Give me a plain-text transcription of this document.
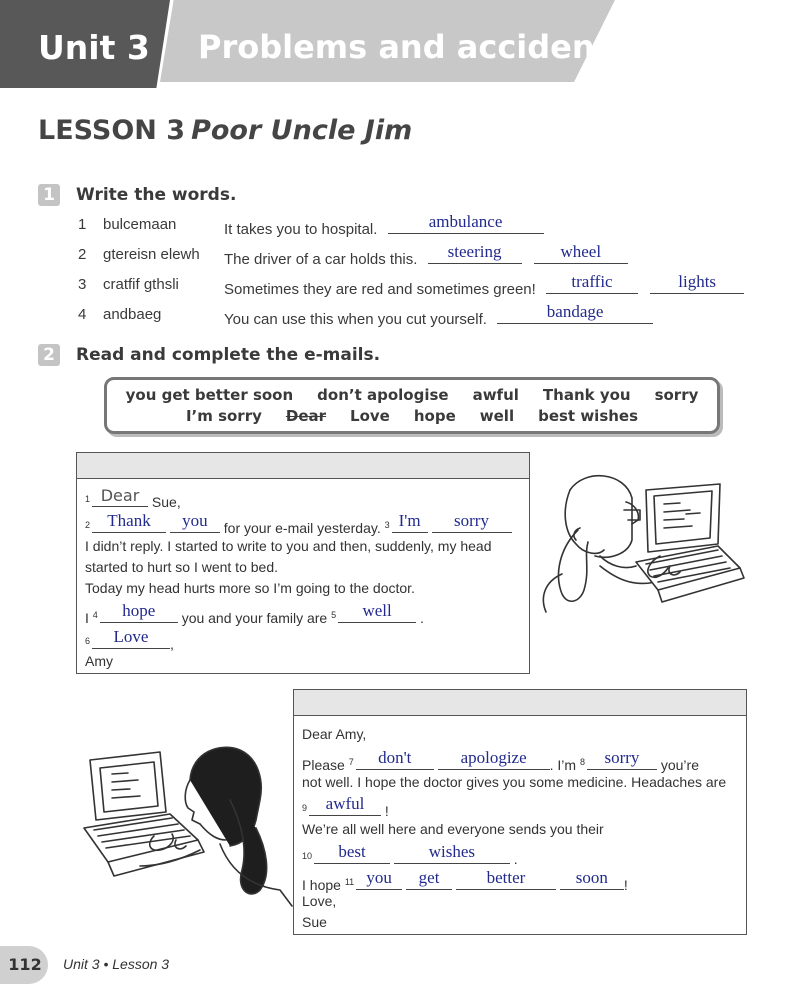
Unit 3 Problems and accidents
LESSON 3 Poor Uncle Jim
1 Write the words.
1 bulcemaan	It takes you to hospital.	ambulance
2 gtereisn elewh The driver of a car holds this.	steering
	wheel
3 cratfif gthsli	Sometimes they are red and sometimes green!	traffic
	lights
4 andbaeg	You can use this when you cut yourself.	bandage
2 Read and complete the e-mails.
you get better soon don’t apologise awful Thank you sorry
I’m sorry Dear Love hope well best wishes
$^1$ Dear Sue,
$^2$	Thank
	you	for your e-mail yesterday. $^3$ I'm
	sorry
I didn’t reply. I started to write to you and then, suddenly, my head
started to hurt so I went to bed.
Today my head hurts more so I’m going to the doctor.
I $^4$	hope	you and your family are $^5$	well	.
$^6$	Love	,
Amy
Dear Amy,
Please $^7$	don't
	apologize	. I’m $^8$	sorry	you’re
not well. I hope the doctor gives you some medicine. Headaches are
$^9$	awful	!
We’re all well here and everyone sends you their
$^{10}$	best
	wishes	.
I hope $^{11}$ you
	get
	better
	soon	!
Love,
Sue
112	Unit 3 • Lesson 3
